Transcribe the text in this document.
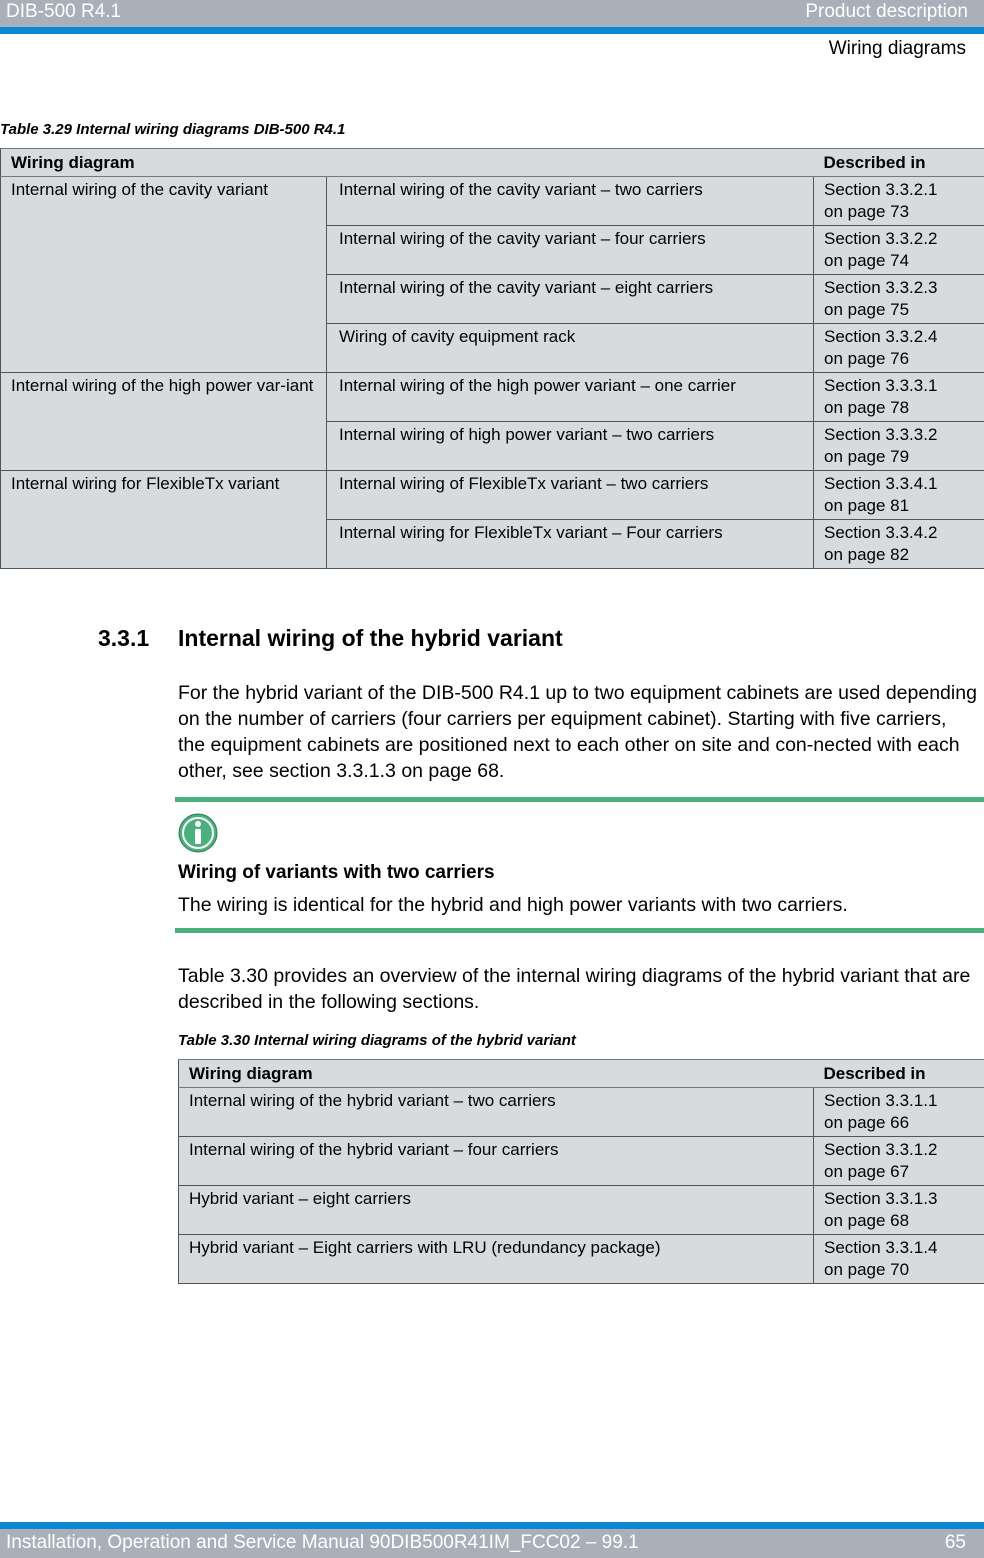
DIB-500 R4.1	Product description
Wiring diagrams
Table 3.29 Internal wiring diagrams DIB-500 R4.1
Wiring diagram		Described in
Internal wiring of the cavity variant	Internal wiring of the cavity variant – two carriers	Section 3.3.2.1
on page 73
	Internal wiring of the cavity variant – four carriers	Section 3.3.2.2
on page 74
	Internal wiring of the cavity variant – eight carriers	Section 3.3.2.3
on page 75
	Wiring of cavity equipment rack	Section 3.3.2.4
on page 76
Internal wiring of the high power var-iant	Internal wiring of the high power variant – one carrier	Section 3.3.3.1
on page 78
	Internal wiring of high power variant – two carriers	Section 3.3.3.2
on page 79
Internal wiring for FlexibleTx variant	Internal wiring of FlexibleTx variant – two carriers	Section 3.3.4.1
on page 81
	Internal wiring for FlexibleTx variant – Four carriers	Section 3.3.4.2
on page 82
3.3.1 Internal wiring of the hybrid variant
For the hybrid variant of the DIB-500 R4.1 up to two equipment cabinets are used depending on the number of carriers (four carriers per equipment cabinet). Starting with five carriers, the equipment cabinets are positioned next to each other on site and con-nected with each other, see section 3.3.1.3 on page 68.
Wiring of variants with two carriers
The wiring is identical for the hybrid and high power variants with two carriers.
Table 3.30 provides an overview of the internal wiring diagrams of the hybrid variant that are described in the following sections.
Table 3.30 Internal wiring diagrams of the hybrid variant
Wiring diagram	Described in
Internal wiring of the hybrid variant – two carriers	Section 3.3.1.1
on page 66
Internal wiring of the hybrid variant – four carriers	Section 3.3.1.2
on page 67
Hybrid variant – eight carriers	Section 3.3.1.3
on page 68
Hybrid variant – Eight carriers with LRU (redundancy package)	Section 3.3.1.4
on page 70
Installation, Operation and Service Manual 90DIB500R41IM_FCC02 – 99.1	65
